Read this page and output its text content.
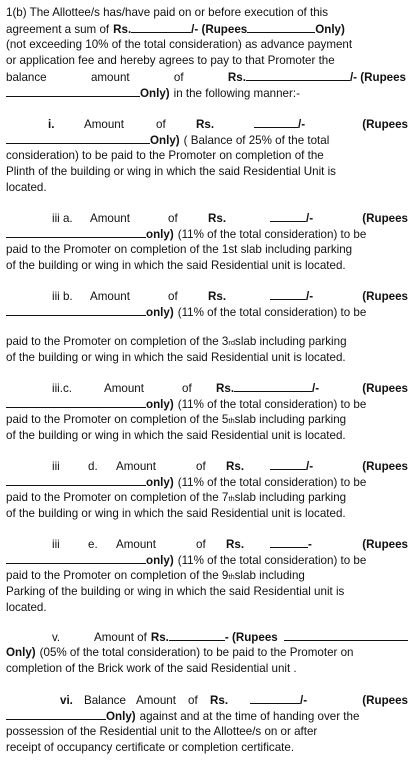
1(b) The Allottee/s has/have paid on or before execution of this
agreement a sum of Rs.	/- (Rupees	Only)
(not exceeding 10% of the total consideration) as advance payment
or application fee and hereby agrees to pay to that Promoter the
balance	amount	of	Rs.	/- (Rupees
Only) in the following manner:-
i.	Amount	of	Rs.	/-	(Rupees
Only) ( Balance of 25% of the total
consideration) to be paid to the Promoter on completion of the
Plinth of the building or wing in which the said Residential Unit is
located.
iii a.	Amount	of	Rs.	/-	(Rupees
only) (11% of the total consideration) to be
paid to the Promoter on completion of the 1st slab including parking
of the building or wing in which the said Residential unit is located.
iii b.	Amount	of	Rs.	/-	(Rupees
only) (11% of the total consideration) to be
paid to the Promoter on completion of the 3 rd slab including parking
of the building or wing in which the said Residential unit is located.
iii.c.	Amount	of	Rs.	/-	(Rupees
only) (11% of the total consideration) to be
paid to the Promoter on completion of the 5 th slab including parking
of the building or wing in which the said Residential unit is located.
iii	d.	Amount	of	Rs.	/-	(Rupees
only) (11% of the total consideration) to be
paid to the Promoter on completion of the 7 th slab including parking
of the building or wing in which the said Residential unit is located.
iii	e.	Amount	of	Rs.	-	(Rupees
only) (11% of the total consideration) to be
paid to the Promoter on completion of the 9 th slab including
Parking of the building or wing in which the said Residential unit is
located.
v.	Amount of Rs.	- (Rupees
Only) (05% of the total consideration) to be paid to the Promoter on
completion of the Brick work of the said Residential unit .
vi. Balance Amount	of	Rs.	/-	(Rupees
Only) against and at the time of handing over the
possession of the Residential unit to the Allottee/s on or after
receipt of occupancy certificate or completion certificate.
